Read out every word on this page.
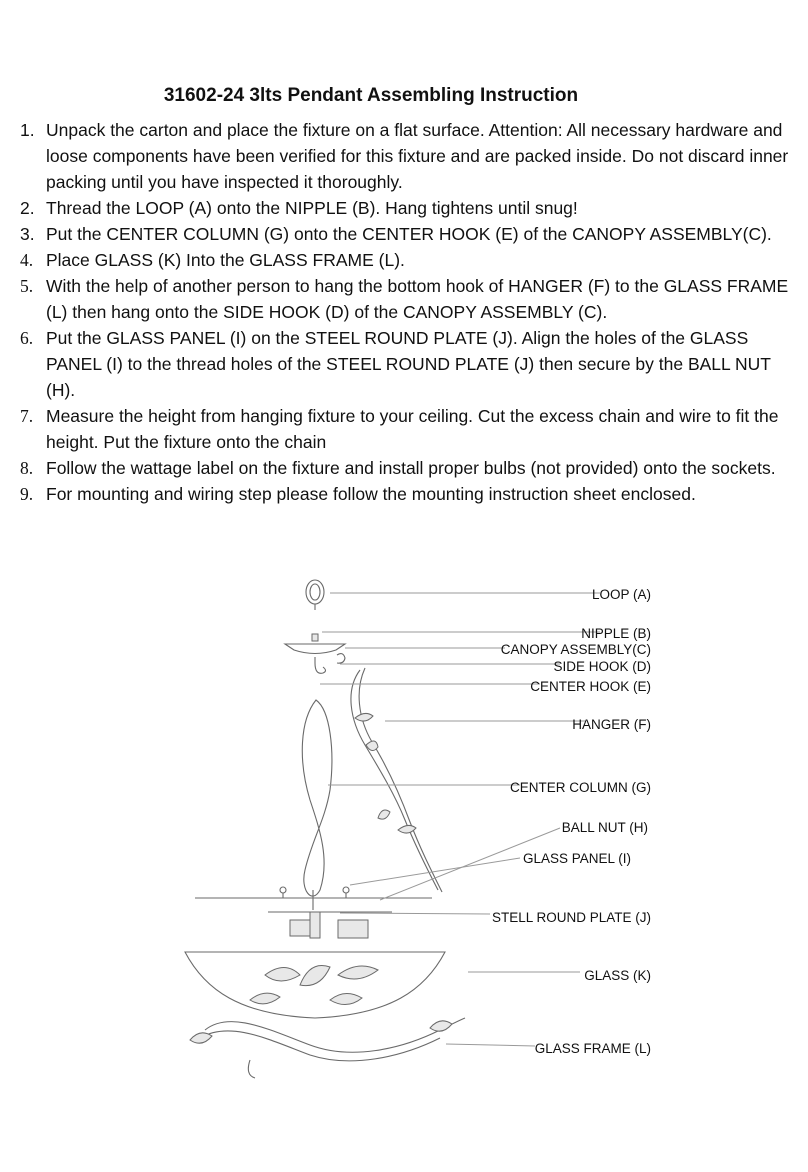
31602-24 3lts Pendant Assembling Instruction
1. Unpack the carton and place the fixture on a flat surface. Attention: All necessary hardware and loose components have been verified for this fixture and are packed inside. Do not discard inner packing until you have inspected it thoroughly.
2. Thread the LOOP (A) onto the NIPPLE (B). Hang tightens until snug!
3. Put the CENTER COLUMN (G) onto the CENTER HOOK (E) of the CANOPY ASSEMBLY(C).
4. Place GLASS (K) Into the GLASS FRAME (L).
5. With the help of another person to hang the bottom hook of HANGER (F) to the GLASS FRAME (L) then hang onto the SIDE HOOK (D) of the CANOPY ASSEMBLY (C).
6. Put the GLASS PANEL (I) on the STEEL ROUND PLATE (J). Align the holes of the GLASS PANEL (I) to the thread holes of the STEEL ROUND PLATE (J) then secure by the BALL NUT (H).
7. Measure the height from hanging fixture to your ceiling. Cut the excess chain and wire to fit the height. Put the fixture onto the chain
8. Follow the wattage label on the fixture and install proper bulbs (not provided) onto the sockets.
9. For mounting and wiring step please follow the mounting instruction sheet enclosed.
LOOP (A)
NIPPLE (B)
CANOPY ASSEMBLY(C)
SIDE HOOK (D)
CENTER HOOK (E)
HANGER (F)
CENTER COLUMN (G)
BALL NUT (H)
GLASS PANEL (I)
STELL ROUND PLATE (J)
GLASS (K)
GLASS FRAME (L)
